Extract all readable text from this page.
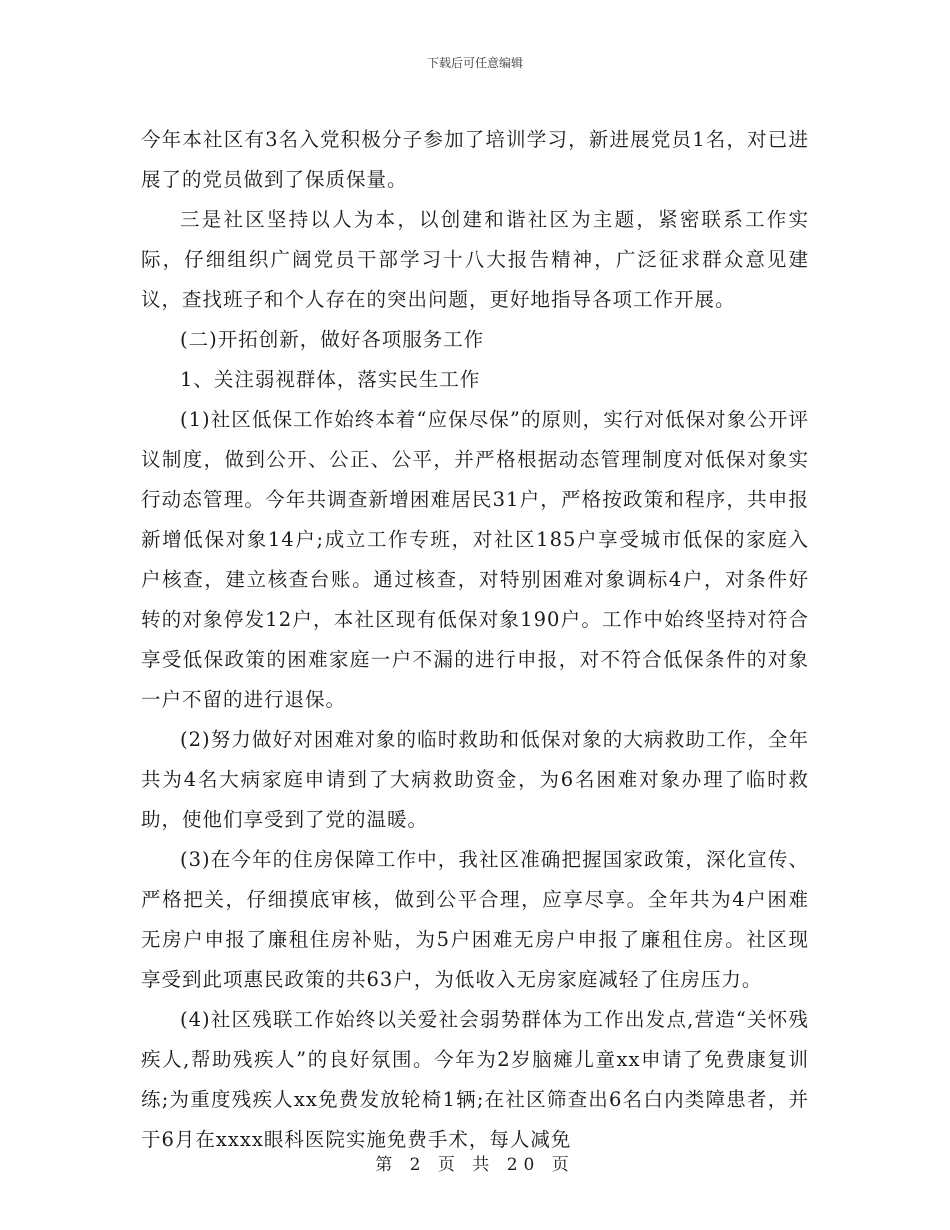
下载后可任意编辑

今年本社区有3名入党积极分子参加了培训学习，新进展党员1名，对已进展了的党员做到了保质保量。

三是社区坚持以人为本，以创建和谐社区为主题，紧密联系工作实际，仔细组织广阔党员干部学习十八大报告精神，广泛征求群众意见建议，查找班子和个人存在的突出问题，更好地指导各项工作开展。

(二)开拓创新，做好各项服务工作

1、关注弱视群体，落实民生工作

(1)社区低保工作始终本着“应保尽保”的原则，实行对低保对象公开评议制度，做到公开、公正、公平，并严格根据动态管理制度对低保对象实行动态管理。今年共调查新增困难居民31户，严格按政策和程序，共申报新增低保对象14户;成立工作专班，对社区185户享受城市低保的家庭入户核查，建立核查台账。通过核查，对特别困难对象调标4户，对条件好转的对象停发12户，本社区现有低保对象190户。工作中始终坚持对符合享受低保政策的困难家庭一户不漏的进行申报，对不符合低保条件的对象一户不留的进行退保。

(2)努力做好对困难对象的临时救助和低保对象的大病救助工作，全年共为4名大病家庭申请到了大病救助资金，为6名困难对象办理了临时救助，使他们享受到了党的温暖。

(3)在今年的住房保障工作中，我社区准确把握国家政策，深化宣传、严格把关，仔细摸底审核，做到公平合理，应享尽享。全年共为4户困难无房户申报了廉租住房补贴，为5户困难无房户申报了廉租住房。社区现享受到此项惠民政策的共63户，为低收入无房家庭减轻了住房压力。

(4)社区残联工作始终以关爱社会弱势群体为工作出发点,营造“关怀残疾人,帮助残疾人”的良好氛围。今年为2岁脑瘫儿童xx申请了免费康复训练;为重度残疾人xx免费发放轮椅1辆;在社区筛查出6名白内类障患者，并于6月在xxxx眼科医院实施免费手术，每人减免

第 2 页 共 20 页
